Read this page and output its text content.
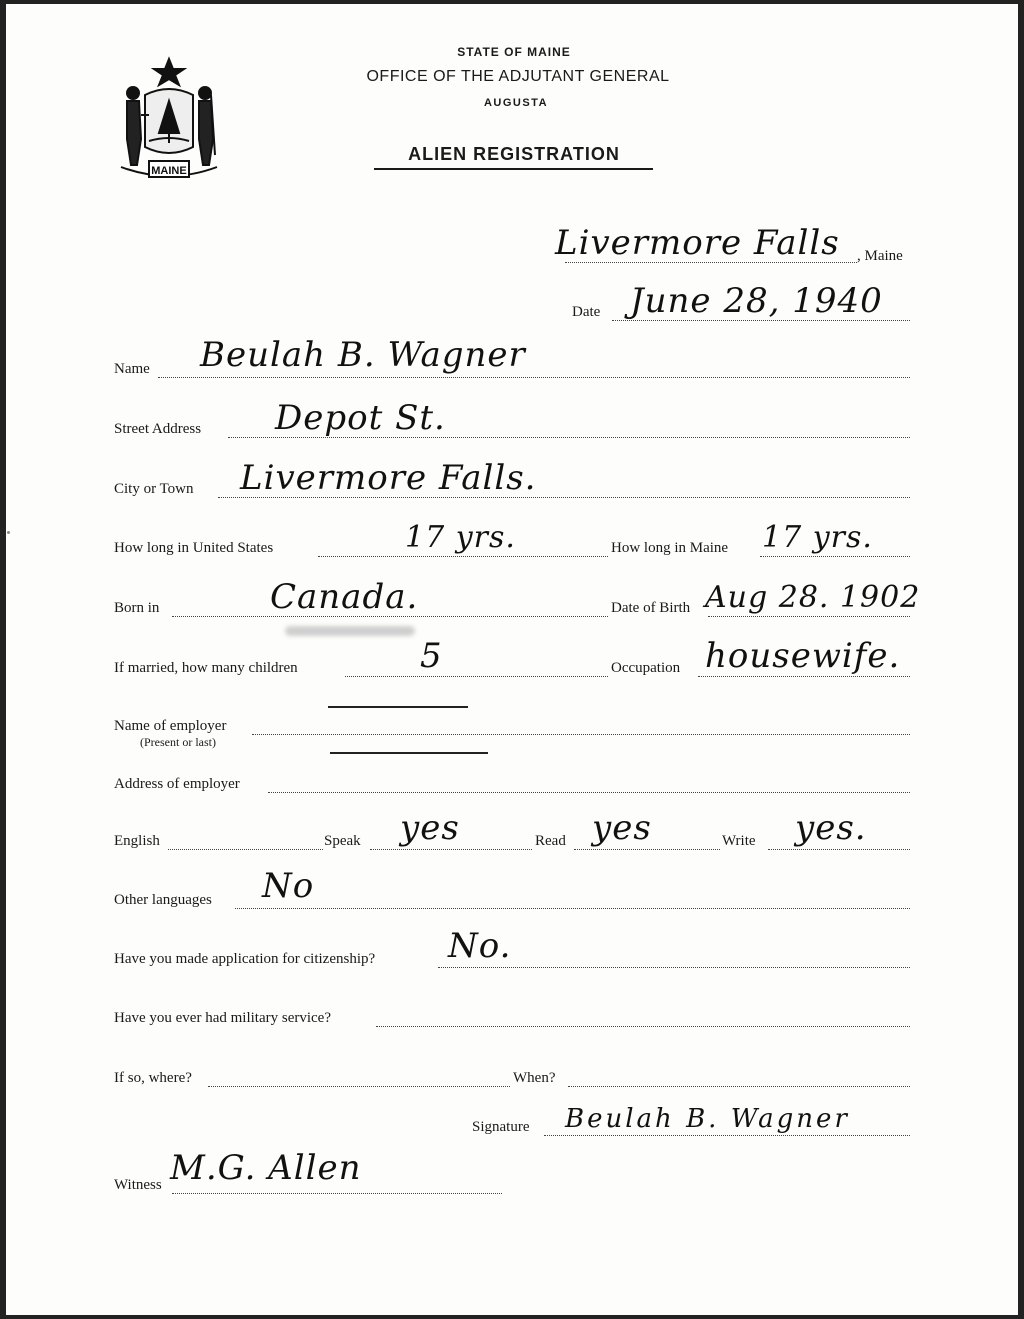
MAINE
STATE OF MAINE
OFFICE OF THE ADJUTANT GENERAL
AUGUSTA
ALIEN REGISTRATION
Livermore Falls , Maine
Date June 28, 1940
Name Beulah B. Wagner
Street Address Depot St.
City or Town Livermore Falls.
How long in United States	17 yrs.	How long in Maine 17 yrs.
Born in	Canada.	Date of Birth Aug 28. 1902
If married, how many children	5	Occupation housewife.
Name of employer
(Present or last)
Address of employer
English	Speak yes	Read yes	Write yes.
Other languages No
Have you made application for citizenship? No.
Have you ever had military service?
If so, where?	When?
Signature Beulah B. Wagner
Witness M.G. Allen
